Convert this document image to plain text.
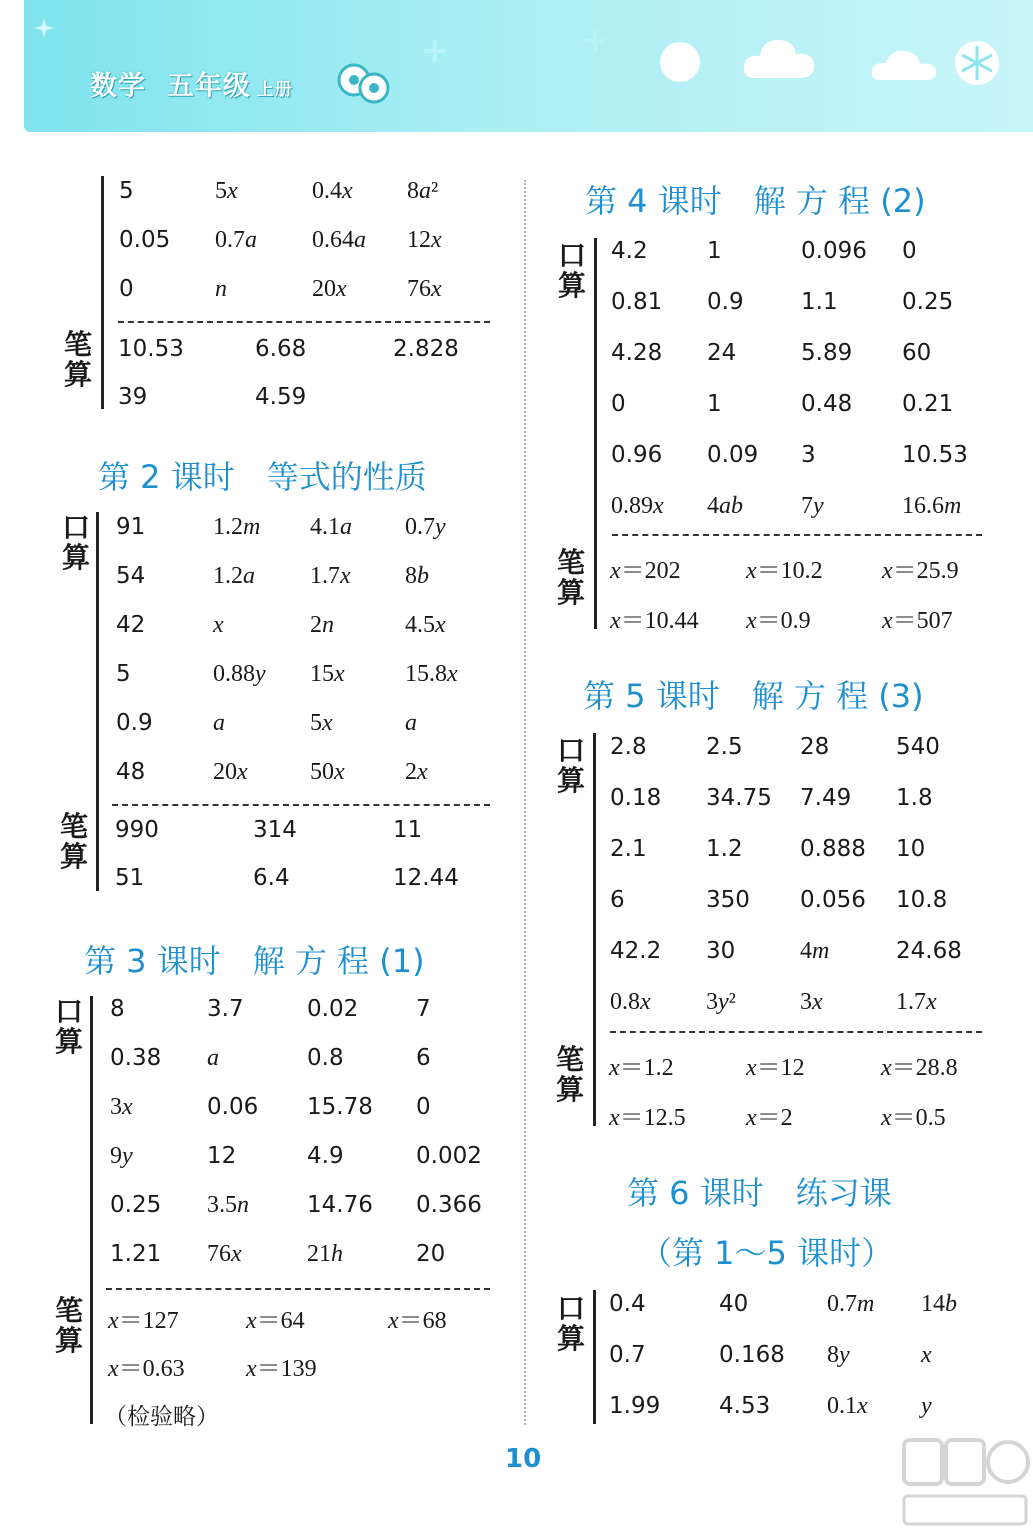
数学 五年级 上册
笔
算
第 2 课时　等式的性质
口
算
笔
算
第 3 课时　解 方 程 (1)
口
算
笔
算
（检验略）
第 4 课时　解 方 程 (2)
口
算
笔
算
第 5 课时　解 方 程 (3)
口
算
笔
算
第 6 课时　练习课
（第 1～5 课时）
口
算
10
5	5x	0.4x 8a²
0.05 0.7a 0.64a 12x
0	n	20x	76x
10.53	6.68	2.828
39	4.59
91	1.2m 4.1a 0.7y
54	1.2a 1.7x 8b
42	x	2n	4.5x
5	0.88y 15x	15.8x
0.9	a	5x	a
48	20x	50x	2x
990	314	11
51	6.4	12.44
8	3.7	0.02	7
0.38 a	0.8	6
3x	0.06 15.78 0
9y	12	4.9	0.002
0.25 3.5n	14.76 0.366
1.21 76x	21h	20
x＝127	x＝64	x＝68
x＝0.63	x＝139
4.2	1	0.096 0
0.81 0.9 1.1	0.25
4.28 24	5.89 60
0	1	0.48 0.21
0.96 0.09 3	10.53
0.89x 4ab 7y	16.6m
x＝202	x＝10.2 x＝25.9
x＝10.44 x＝0.9	x＝507
2.8	2.5 28	540
0.18 34.75 7.49 1.8
2.1	1.2 0.888 10
6	350 0.056 10.8
42.2 30	4m	24.68
0.8x 3y²	3x	1.7x
x＝1.2	x＝12	x＝28.8
x＝12.5	x＝2	x＝0.5
0.4	40	0.7m 14b
0.7	0.168 8y	x
1.99	4.53 0.1x y
